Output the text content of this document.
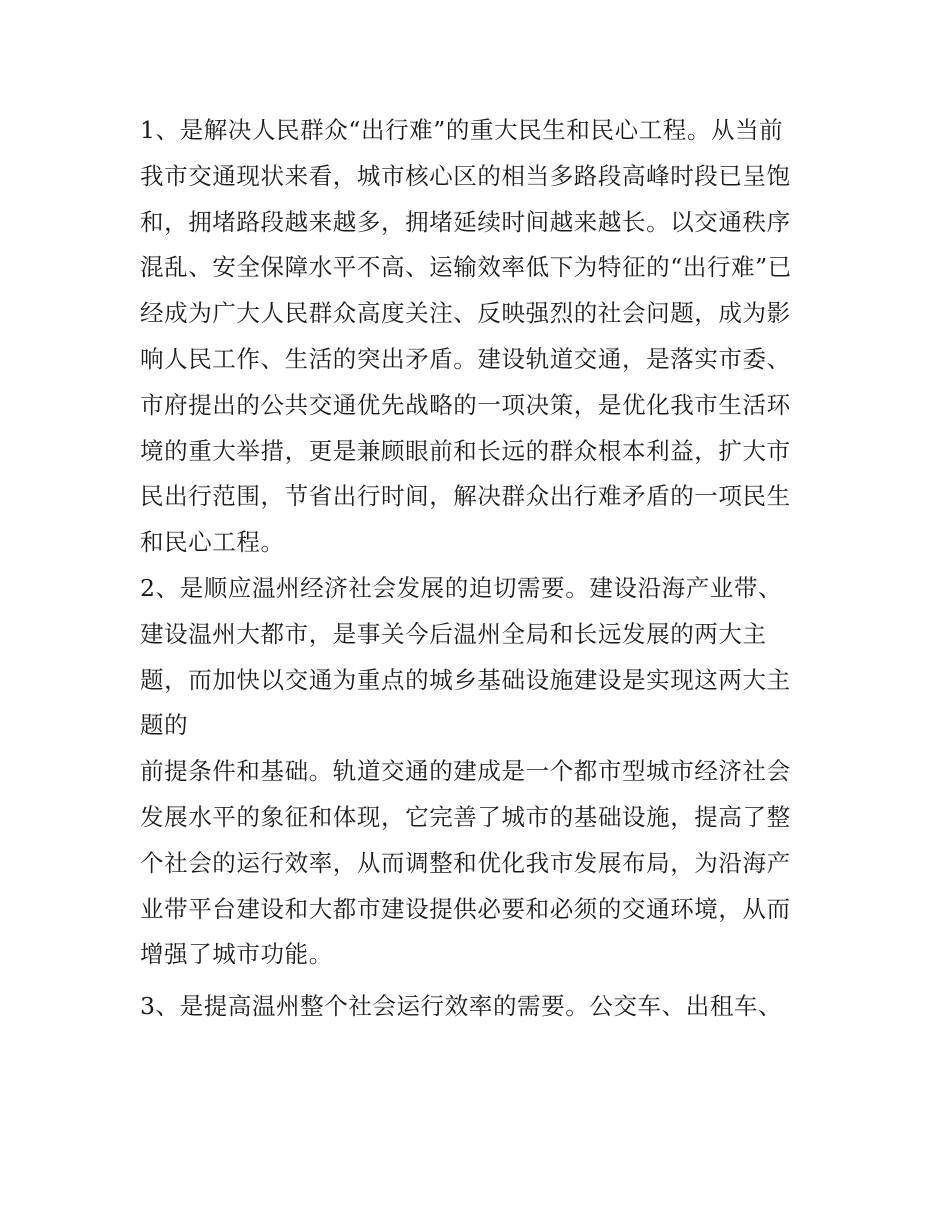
1、是解决人民群众“出行难”的重大民生和民心工程。从当前
我市交通现状来看，城市核心区的相当多路段高峰时段已呈饱
和，拥堵路段越来越多，拥堵延续时间越来越长。以交通秩序
混乱、安全保障水平不高、运输效率低下为特征的“出行难”已
经成为广大人民群众高度关注、反映强烈的社会问题，成为影
响人民工作、生活的突出矛盾。建设轨道交通，是落实市委、
市府提出的公共交通优先战略的一项决策，是优化我市生活环
境的重大举措，更是兼顾眼前和长远的群众根本利益，扩大市
民出行范围，节省出行时间，解决群众出行难矛盾的一项民生
和民心工程。
2、是顺应温州经济社会发展的迫切需要。建设沿海产业带、
建设温州大都市，是事关今后温州全局和长远发展的两大主
题，而加快以交通为重点的城乡基础设施建设是实现这两大主
题的
前提条件和基础。轨道交通的建成是一个都市型城市经济社会
发展水平的象征和体现，它完善了城市的基础设施，提高了整
个社会的运行效率，从而调整和优化我市发展布局，为沿海产
业带平台建设和大都市建设提供必要和必须的交通环境，从而
增强了城市功能。
3、是提高温州整个社会运行效率的需要。公交车、出租车、
